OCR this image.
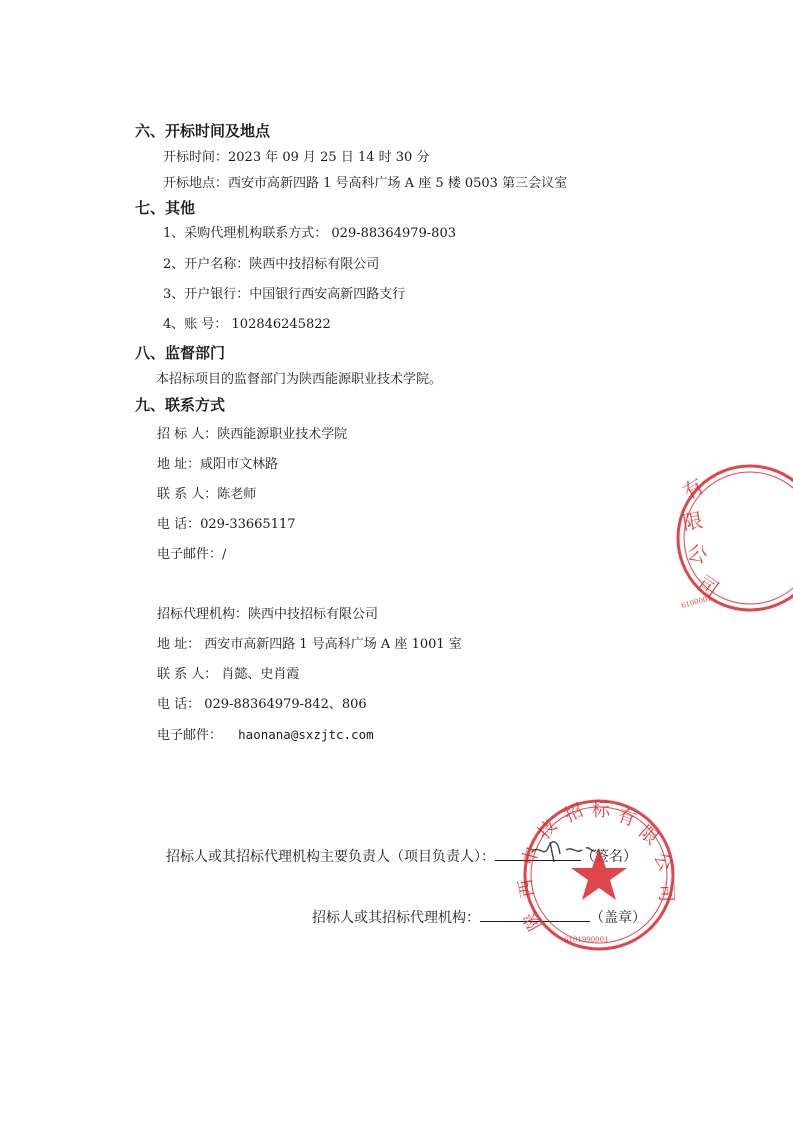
六、开标时间及地点
开标时间：2023 年 09 月 25 日 14 时 30 分
开标地点：西安市高新四路 1 号高科广场 A 座 5 楼 0503 第三会议室
七、其他
1、采购代理机构联系方式： 029-88364979-803
2、开户名称：陕西中技招标有限公司
3、开户银行：中国银行西安高新四路支行
4、账 号： 102846245822
八、监督部门
本招标项目的监督部门为陕西能源职业技术学院。
九、联系方式
招 标 人：陕西能源职业技术学院
地 址：咸阳市文林路
联 系 人：陈老师
电 话：029-33665117
电子邮件：/
招标代理机构：陕西中技招标有限公司
地 址： 西安市高新四路 1 号高科广场 A 座 1001 室
联 系 人： 肖懿、史肖霞
电 话： 029-88364979-842、806
电子邮件： haonana@sxzjtc.com
招标人或其招标代理机构主要负责人（项目负责人）：	（签名）
招标人或其招标代理机构：	（盖章）
有
限
公
司
6100001
陕
西
中
技
招 标 有
限
公
司
6101990001
